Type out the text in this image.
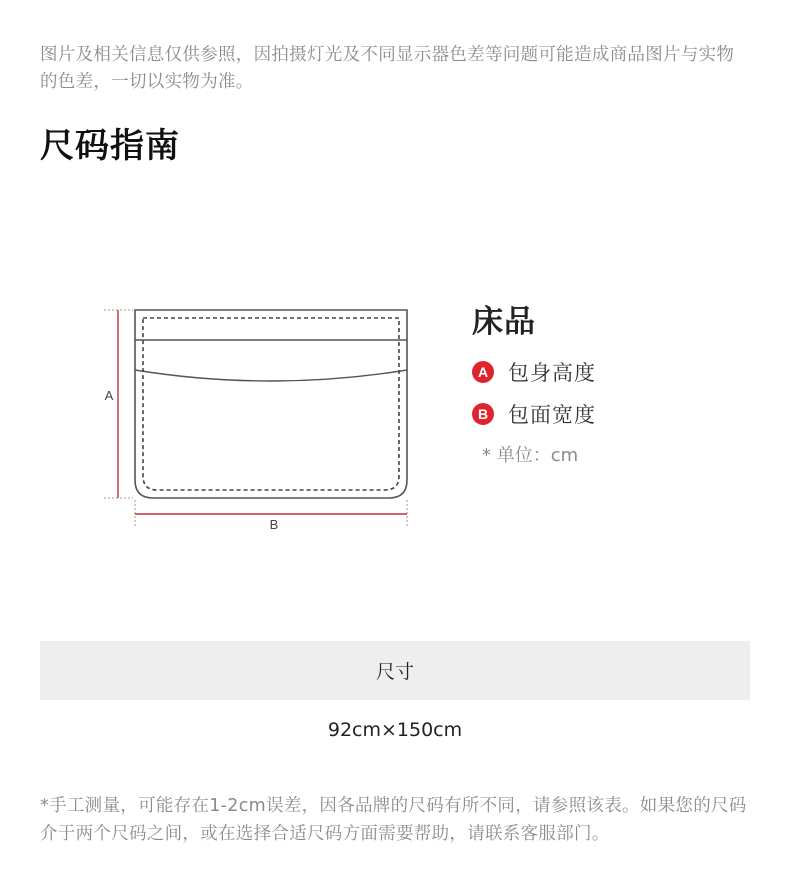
图片及相关信息仅供参照，因拍摄灯光及不同显示器色差等问题可能造成商品图片与实物的色差，一切以实物为准。
尺码指南
A
B
床品
A 包身高度
B 包面宽度
* 单位：cm
尺寸
92cm×150cm
*手工测量，可能存在1-2cm误差，因各品牌的尺码有所不同，请参照该表。如果您的尺码介于两个尺码之间，或在选择合适尺码方面需要帮助，请联系客服部门。
